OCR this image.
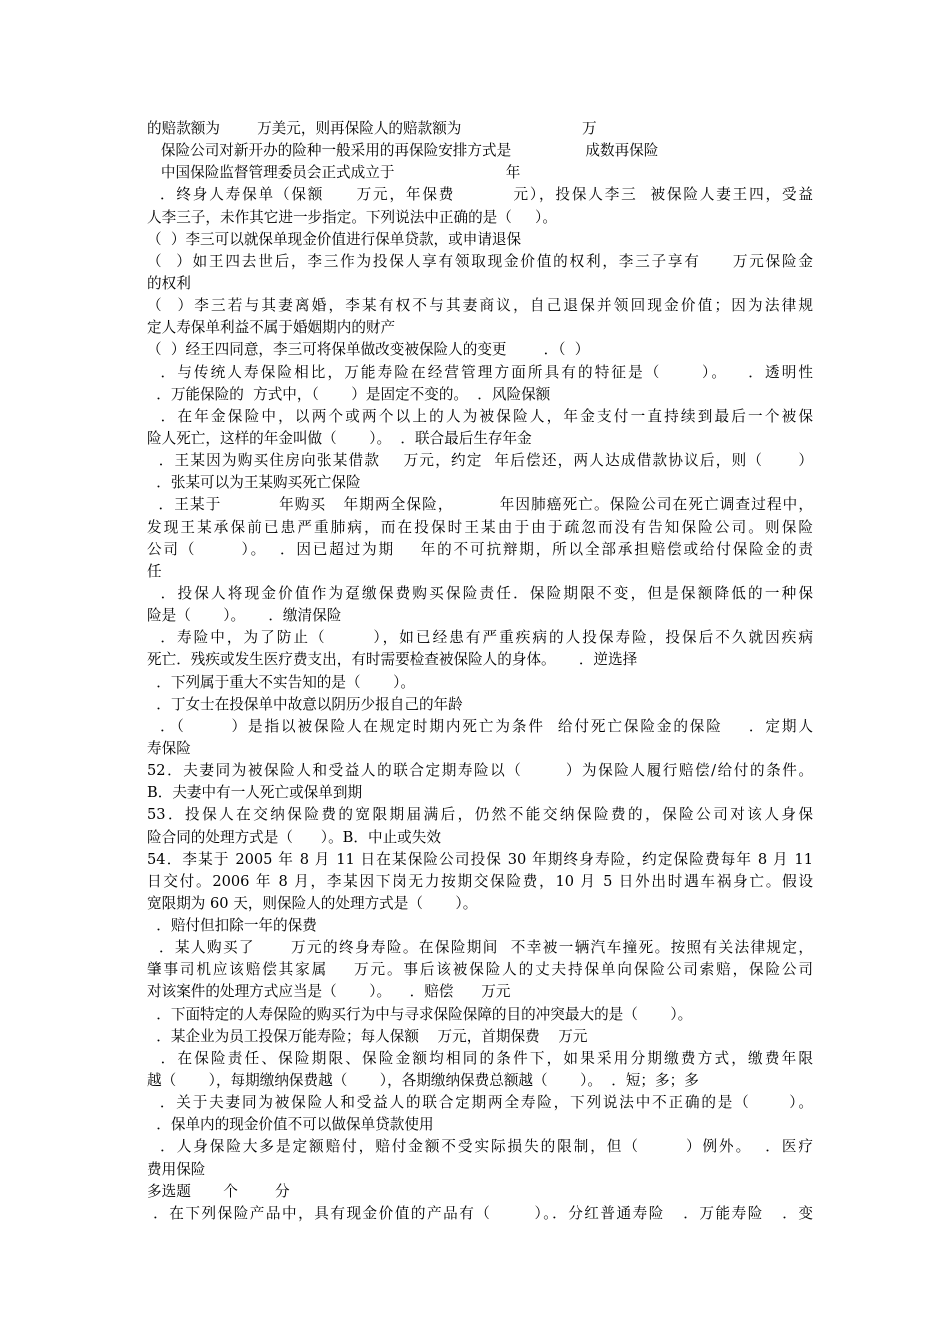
的赔款额为        万美元，则再保险人的赔款额为                          万
保险公司对新开办的险种一般采用的再保险安排方式是                成数再保险
中国保险监督管理委员会正式成立于                        年
．终身人寿保单（保额     万元，年保费         元），投保人李三  被保险人妻王四，受益
人李三子，未作其它进一步指定。下列说法中正确的是（     ）。
（  ）李三可以就保单现金价值进行保单贷款，或申请退保
（  ）如王四去世后，李三作为投保人享有领取现金价值的权利，李三子享有     万元保险金
的权利
（  ）李三若与其妻离婚，李某有权不与其妻商议，自己退保并领回现金价值；因为法律规
定人寿保单利益不属于婚姻期内的财产
（  ）经王四同意，李三可将保单做改变被保险人的变更        ．（  ）
．与传统人寿保险相比，万能寿险在经营管理方面所具有的特征是（      ）。   ．透明性
．万能保险的  方式中，（       ）是固定不变的。  ．风险保额
．在年金保险中，以两个或两个以上的人为被保险人，年金支付一直持续到最后一个被保
险人死亡，这样的年金叫做（       ）。  ．联合最后生存年金
．王某因为购买住房向张某借款    万元，约定  年后偿还，两人达成借款协议后，则（      ）
．张某可以为王某购买死亡保险
．王某于          年购买   年期两全保险，        年因肺癌死亡。保险公司在死亡调查过程中，
发现王某承保前已患严重肺病，而在投保时王某由于由于疏忽而没有告知保险公司。则保险
公司（       ）。  ．因已超过为期    年的不可抗辩期，所以全部承担赔偿或给付保险金的责
任
．投保人将现金价值作为趸缴保费购买保险责任．保险期限不变，但是保额降低的一种保
险是（       ）。     ．缴清保险
．寿险中，为了防止（       ），如已经患有严重疾病的人投保寿险，投保后不久就因疾病
死亡．残疾或发生医疗费支出，有时需要检查被保险人的身体。     ．逆选择
．下列属于重大不实告知的是（       ）。
．丁女士在投保单中故意以阴历少报自己的年龄
．（       ）是指以被保险人在规定时期内死亡为条件  给付死亡保险金的保险    ．定期人
寿保险
52．夫妻同为被保险人和受益人的联合定期寿险以（       ）为保险人履行赔偿/给付的条件。
B．夫妻中有一人死亡或保单到期
53．投保人在交纳保险费的宽限期届满后，仍然不能交纳保险费的，保险公司对该人身保
险合同的处理方式是（      ）。B．中止或失效
54．李某于 2005 年 8 月 11 日在某保险公司投保 30 年期终身寿险，约定保险费每年 8 月 11
日交付。2006 年 8 月，李某因下岗无力按期交保险费，10 月 5 日外出时遇车祸身亡。假设
宽限期为 60 天，则保险人的处理方式是（       ）。
．赔付但扣除一年的保费
．某人购买了      万元的终身寿险。在保险期间  不幸被一辆汽车撞死。按照有关法律规定，
肇事司机应该赔偿其家属    万元。事后该被保险人的丈夫持保单向保险公司索赔，保险公司
对该案件的处理方式应当是（       ）。    ．赔偿      万元
．下面特定的人寿保险的购买行为中与寻求保险保障的目的冲突最大的是（       ）。
．某企业为员工投保万能寿险；每人保额    万元，首期保费    万元
．在保险责任、保险期限、保险金额均相同的条件下，如果采用分期缴费方式，缴费年限
越（       ），每期缴纳保费越（       ），各期缴纳保费总额越（       ）。  ．短；多；多
．关于夫妻同为被保险人和受益人的联合定期两全寿险，下列说法中不正确的是（      ）。
．保单内的现金价值不可以做保单贷款使用
．人身保险大多是定额赔付，赔付金额不受实际损失的限制，但（       ）例外。  ．医疗
费用保险
多选题       个        分
．在下列保险产品中，具有现金价值的产品有（       ）。．分红普通寿险   ．万能寿险   ．变
